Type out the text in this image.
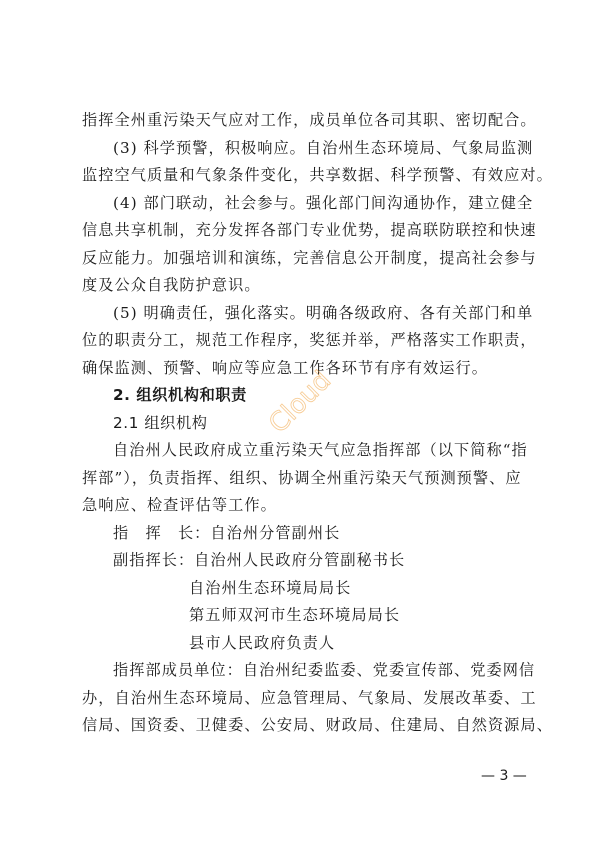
指挥全州重污染天气应对工作，成员单位各司其职、密切配合。
(3) 科学预警，积极响应。自治州生态环境局、气象局监测
监控空气质量和气象条件变化，共享数据、科学预警、有效应对。
(4) 部门联动，社会参与。强化部门间沟通协作，建立健全
信息共享机制，充分发挥各部门专业优势，提高联防联控和快速
反应能力。加强培训和演练，完善信息公开制度，提高社会参与
度及公众自我防护意识。
(5) 明确责任，强化落实。明确各级政府、各有关部门和单
位的职责分工，规范工作程序，奖惩并举，严格落实工作职责，
确保监测、预警、响应等应急工作各环节有序有效运行。
2. 组织机构和职责
2.1 组织机构
自治州人民政府成立重污染天气应急指挥部（以下简称“指
挥部”），负责指挥、组织、协调全州重污染天气预测预警、应
急响应、检查评估等工作。
指　挥　长：自治州分管副州长
副指挥长：自治州人民政府分管副秘书长
自治州生态环境局局长
第五师双河市生态环境局局长
县市人民政府负责人
指挥部成员单位：自治州纪委监委、党委宣传部、党委网信
办，自治州生态环境局、应急管理局、气象局、发展改革委、工
信局、国资委、卫健委、公安局、财政局、住建局、自然资源局、
— 3 —
Cloud
